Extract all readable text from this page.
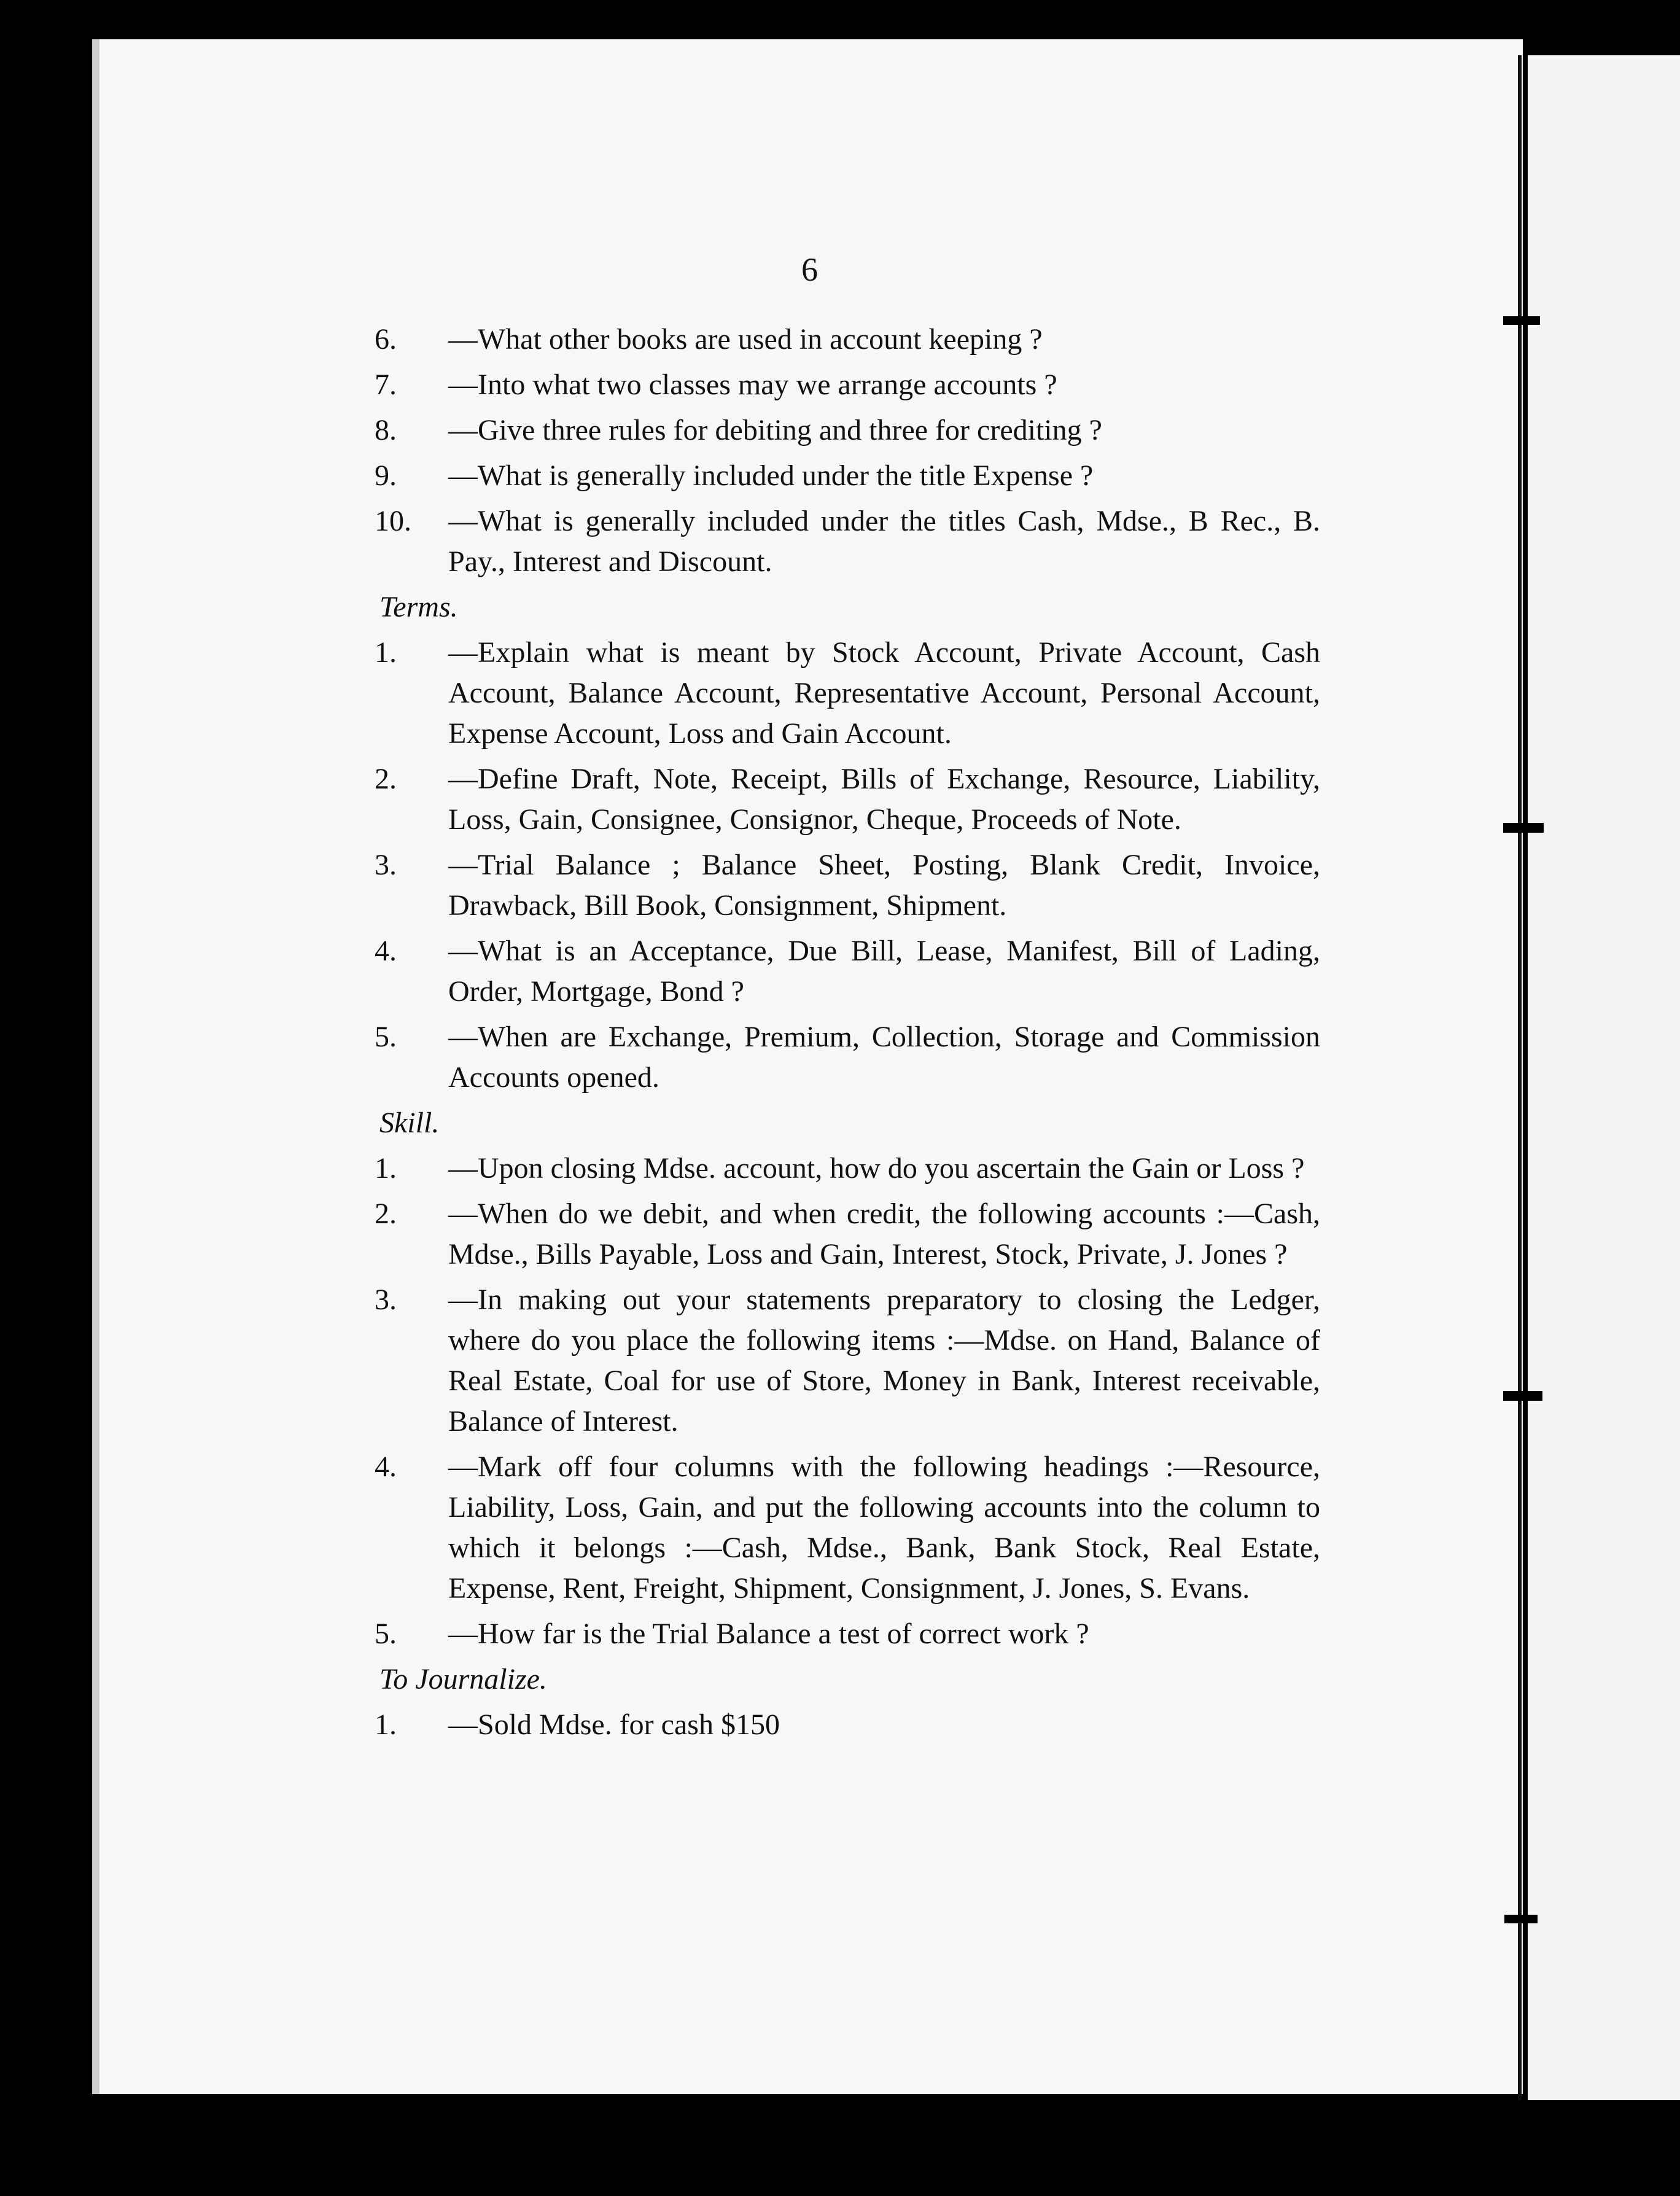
6
6.	—What other books are used in account keeping ?
7.	—Into what two classes may we arrange accounts ?
8.	—Give three rules for debiting and three for crediting ?
9.	—What is generally included under the title Expense ?
10.	—What is generally included under the titles Cash, Mdse., B Rec., B. Pay., Interest and Discount.
Terms.
1.	—Explain what is meant by Stock Account, Private Account, Cash Account, Balance Account, Representative Account, Personal Account, Expense Account, Loss and Gain Account.
2.	—Define Draft, Note, Receipt, Bills of Exchange, Resource, Liability, Loss, Gain, Consignee, Consignor, Cheque, Proceeds of Note.
3.	—Trial Balance ; Balance Sheet, Posting, Blank Credit, Invoice, Drawback, Bill Book, Consignment, Shipment.
4.	—What is an Acceptance, Due Bill, Lease, Manifest, Bill of Lading, Order, Mortgage, Bond ?
5.	—When are Exchange, Premium, Collection, Storage and Commission Accounts opened.
Skill.
1.	—Upon closing Mdse. account, how do you ascertain the Gain or Loss ?
2.	—When do we debit, and when credit, the following accounts :—Cash, Mdse., Bills Payable, Loss and Gain, Interest, Stock, Private, J. Jones ?
3.	—In making out your statements preparatory to closing the Ledger, where do you place the following items :—Mdse. on Hand, Balance of Real Estate, Coal for use of Store, Money in Bank, Interest receivable, Balance of Interest.
4.	—Mark off four columns with the following headings :—Resource, Liability, Loss, Gain, and put the following accounts into the column to which it belongs :—Cash, Mdse., Bank, Bank Stock, Real Estate, Expense, Rent, Freight, Shipment, Consignment, J. Jones, S. Evans.
5.	—How far is the Trial Balance a test of correct work ?
To Journalize.
1.	—Sold Mdse. for cash $150
